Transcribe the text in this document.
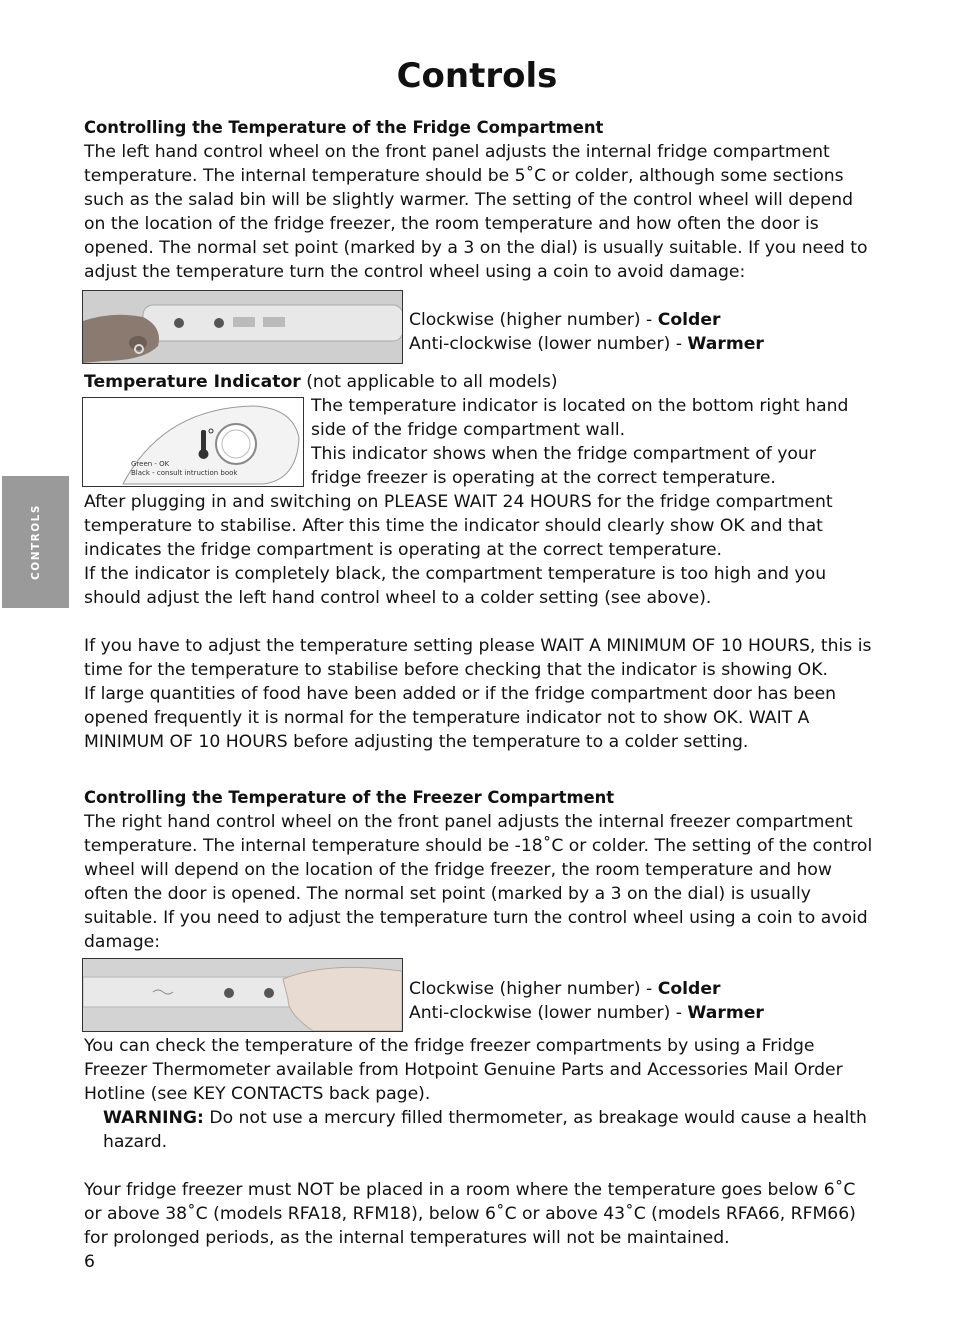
Controls
CONTROLS
Controlling the Temperature of the Fridge Compartment

The left hand control wheel on the front panel adjusts the internal fridge compartment temperature. The internal temperature should be 5˚C or colder, although some sections such as the salad bin will be slightly warmer. The setting of the control wheel will depend on the location of the fridge freezer, the room temperature and how often the door is opened. The normal set point (marked by a 3 on the dial) is usually suitable. If you need to adjust the temperature turn the control wheel using a coin to avoid damage:

Clockwise (higher number) - Colder
Anti-clockwise (lower number) - Warmer
Temperature Indicator (not applicable to all models)
Green - OK
Black - consult intruction book

The temperature indicator is located on the bottom right hand side of the fridge compartment wall.

This indicator shows when the fridge compartment of your fridge freezer is operating at the correct temperature.

After plugging in and switching on PLEASE WAIT 24 HOURS for the fridge compartment temperature to stabilise. After this time the indicator should clearly show OK and that indicates the fridge compartment is operating at the correct temperature.

If the indicator is completely black, the compartment temperature is too high and you should adjust the left hand control wheel to a colder setting (see above).

If you have to adjust the temperature setting please WAIT A MINIMUM OF 10 HOURS, this is time for the temperature to stabilise before checking that the indicator is showing OK.

If large quantities of food have been added or if the fridge compartment door has been opened frequently it is normal for the temperature indicator not to show OK. WAIT A MINIMUM OF 10 HOURS before adjusting the temperature to a colder setting.

Controlling the Temperature of the Freezer Compartment

The right hand control wheel on the front panel adjusts the internal freezer compartment temperature. The internal temperature should be -18˚C or colder. The setting of the control wheel will depend on the location of the fridge freezer, the room temperature and how often the door is opened. The normal set point (marked by a 3 on the dial) is usually suitable. If you need to adjust the temperature turn the control wheel using a coin to avoid damage:

Clockwise (higher number) - Colder
Anti-clockwise (lower number) - Warmer

You can check the temperature of the fridge freezer compartments by using a Fridge Freezer Thermometer available from Hotpoint Genuine Parts and Accessories Mail Order Hotline (see KEY CONTACTS back page).

WARNING: Do not use a mercury filled thermometer, as breakage would cause a health hazard.

Your fridge freezer must NOT be placed in a room where the temperature goes below 6˚C or above 38˚C (models RFA18, RFM18), below 6˚C or above 43˚C (models RFA66, RFM66) for prolonged periods, as the internal temperatures will not be maintained.

6
